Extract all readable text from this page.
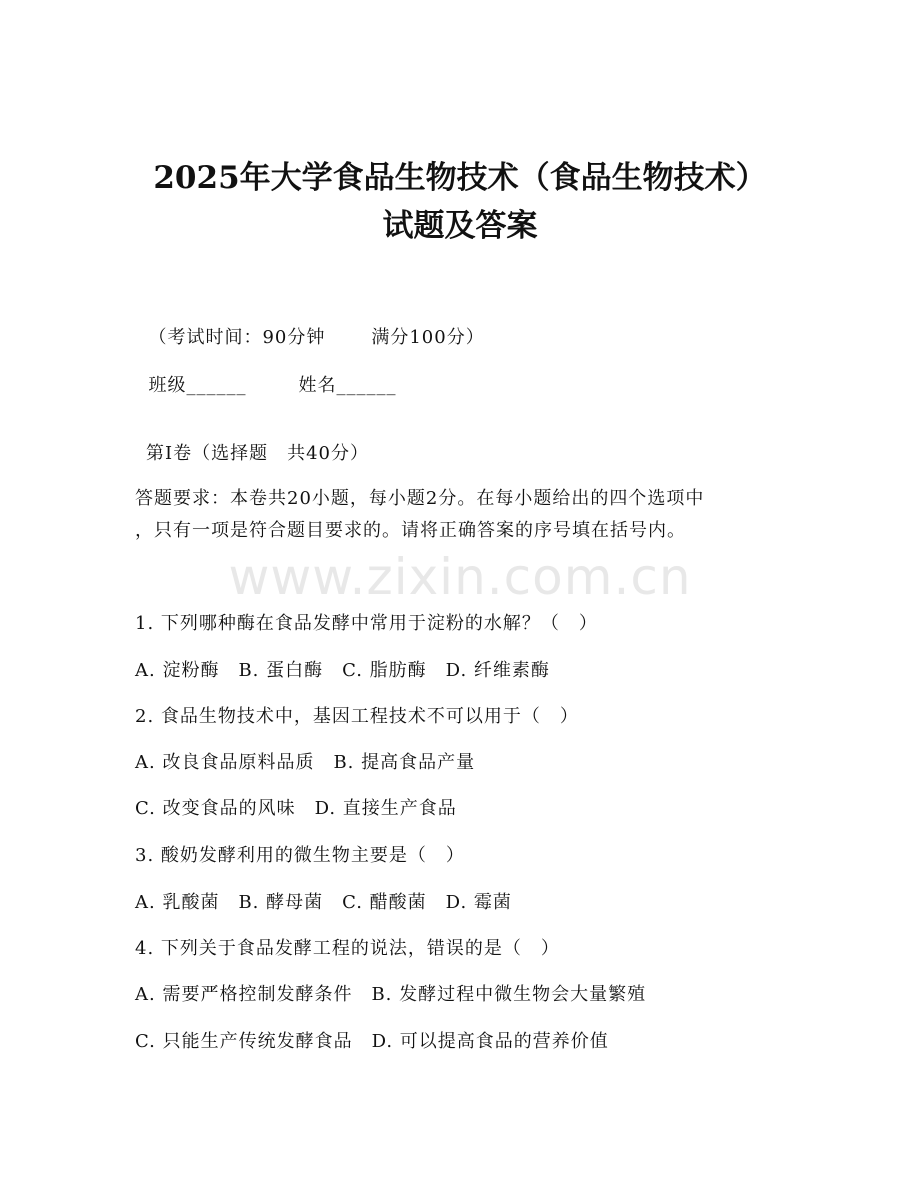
2025年大学食品生物技术（食品生物技术）
试题及答案

（考试时间：90分钟	满分100分）

班级______	姓名______

第I卷（选择题　共40分）
答题要求：本卷共20小题，每小题2分。在每小题给出的四个选项中
，只有一项是符合题目要求的。请将正确答案的序号填在括号内。
www.zixin.com.cn
1. 下列哪种酶在食品发酵中常用于淀粉的水解？（　）
A. 淀粉酶　B. 蛋白酶　C. 脂肪酶　D. 纤维素酶
2. 食品生物技术中，基因工程技术不可以用于（　）
A. 改良食品原料品质　B. 提高食品产量
C. 改变食品的风味　D. 直接生产食品
3. 酸奶发酵利用的微生物主要是（　）
A. 乳酸菌　B. 酵母菌　C. 醋酸菌　D. 霉菌
4. 下列关于食品发酵工程的说法，错误的是（　）
A. 需要严格控制发酵条件　B. 发酵过程中微生物会大量繁殖
C. 只能生产传统发酵食品　D. 可以提高食品的营养价值
